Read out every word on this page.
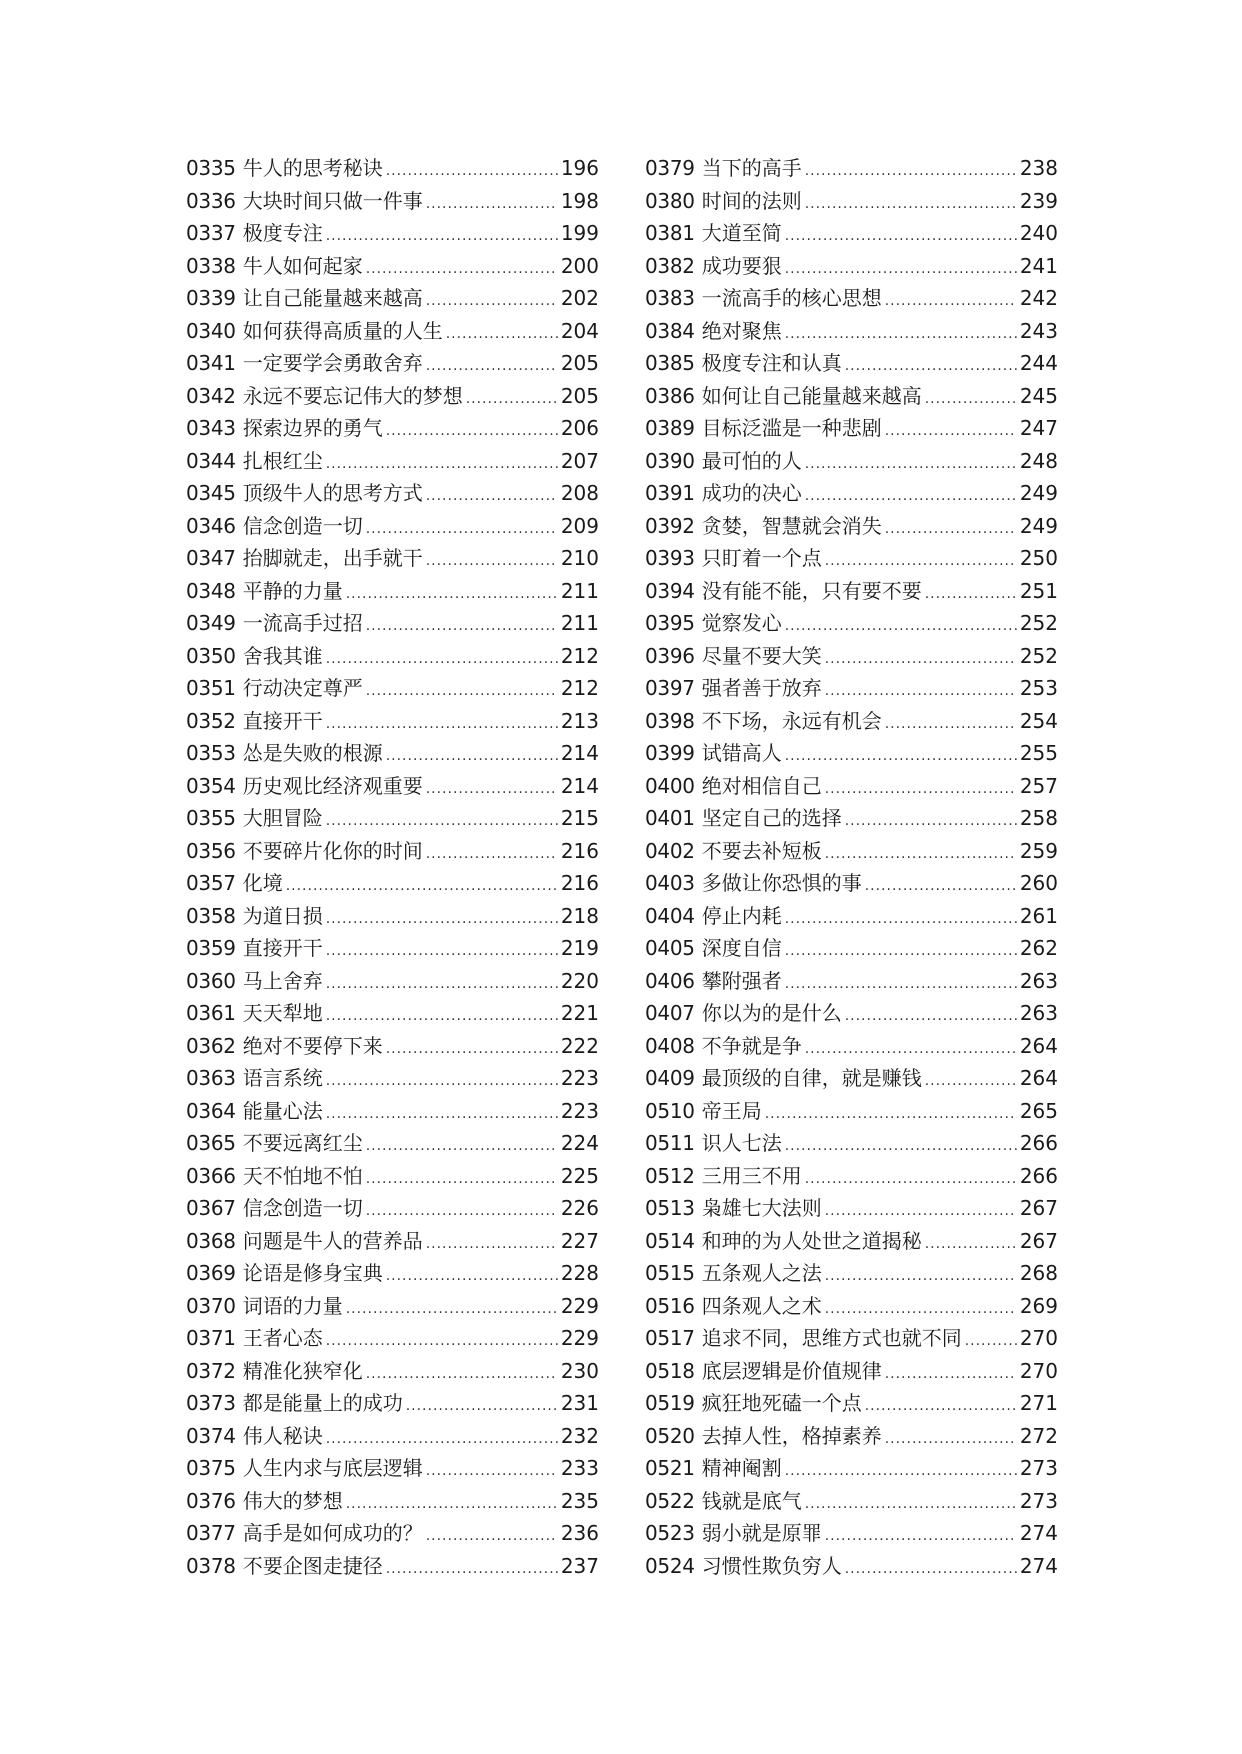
0335 牛人的思考秘诀 .....	196
0336 大块时间只做一件事 .....	198
0337 极度专注 .....	199
0338 牛人如何起家 .....	200
0339 让自己能量越来越高 .....	202
0340 如何获得高质量的人生 .....	204
0341 一定要学会勇敢舍弃 .....	205
0342 永远不要忘记伟大的梦想 .....	205
0343 探索边界的勇气 .....	206
0344 扎根红尘 .....	207
0345 顶级牛人的思考方式 .....	208
0346 信念创造一切 .....	209
0347 抬脚就走，出手就干 .....	210
0348 平静的力量 .....	211
0349 一流高手过招 .....	211
0350 舍我其谁 .....	212
0351 行动决定尊严 .....	212
0352 直接开干 .....	213
0353 怂是失败的根源 .....	214
0354 历史观比经济观重要 .....	214
0355 大胆冒险 .....	215
0356 不要碎片化你的时间 .....	216
0357 化境 .....	216
0358 为道日损 .....	218
0359 直接开干 .....	219
0360 马上舍弃 .....	220
0361 天天犁地 .....	221
0362 绝对不要停下来 .....	222
0363 语言系统 .....	223
0364 能量心法 .....	223
0365 不要远离红尘 .....	224
0366 天不怕地不怕 .....	225
0367 信念创造一切 .....	226
0368 问题是牛人的营养品 .....	227
0369 论语是修身宝典 .....	228
0370 词语的力量 .....	229
0371 王者心态 .....	229
0372 精准化狭窄化 .....	230
0373 都是能量上的成功 .....	231
0374 伟人秘诀 .....	232
0375 人生内求与底层逻辑 .....	233
0376 伟大的梦想 .....	235
0377 高手是如何成功的？ .....	236
0378 不要企图走捷径 .....	237
0379 当下的高手 .....	238
0380 时间的法则 .....	239
0381 大道至简 .....	240
0382 成功要狠 .....	241
0383 一流高手的核心思想 .....	242
0384 绝对聚焦 .....	243
0385 极度专注和认真 .....	244
0386 如何让自己能量越来越高 .....	245
0389 目标泛滥是一种悲剧 .....	247
0390 最可怕的人 .....	248
0391 成功的决心 .....	249
0392 贪婪，智慧就会消失 .....	249
0393 只盯着一个点 .....	250
0394 没有能不能，只有要不要 .....	251
0395 觉察发心 .....	252
0396 尽量不要大笑 .....	252
0397 强者善于放弃 .....	253
0398 不下场，永远有机会 .....	254
0399 试错高人 .....	255
0400 绝对相信自己 .....	257
0401 坚定自己的选择 .....	258
0402 不要去补短板 .....	259
0403 多做让你恐惧的事 .....	260
0404 停止内耗 .....	261
0405 深度自信 .....	262
0406 攀附强者 .....	263
0407 你以为的是什么 .....	263
0408 不争就是争 .....	264
0409 最顶级的自律，就是赚钱 .....	264
0510 帝王局 .....	265
0511 识人七法 .....	266
0512 三用三不用 .....	266
0513 枭雄七大法则 .....	267
0514 和珅的为人处世之道揭秘 .....	267
0515 五条观人之法 .....	268
0516 四条观人之术 .....	269
0517 追求不同，思维方式也就不同 .....	270
0518 底层逻辑是价值规律 .....	270
0519 疯狂地死磕一个点 .....	271
0520 去掉人性，格掉素养 .....	272
0521 精神阉割 .....	273
0522 钱就是底气 .....	273
0523 弱小就是原罪 .....	274
0524 习惯性欺负穷人 .....	274
